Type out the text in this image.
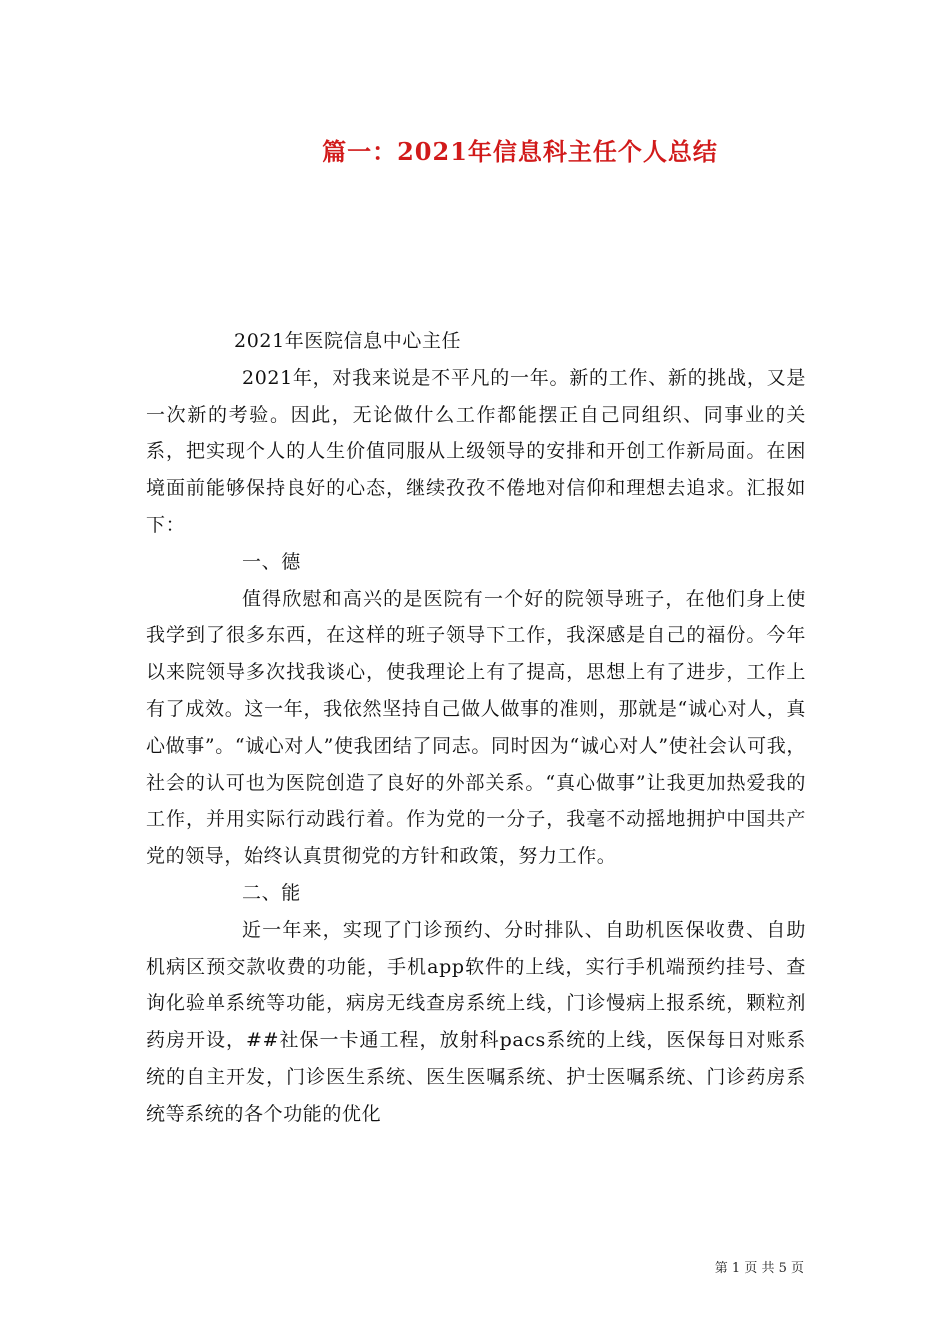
篇一：2021年信息科主任个人总结

2021年医院信息中心主任

2021年，对我来说是不平凡的一年。新的工作、新的挑战，又是一次新的考验。因此，无论做什么工作都能摆正自己同组织、同事业的关系，把实现个人的人生价值同服从上级领导的安排和开创工作新局面。在困境面前能够保持良好的心态，继续孜孜不倦地对信仰和理想去追求。汇报如下：

一、德

值得欣慰和高兴的是医院有一个好的院领导班子，在他们身上使我学到了很多东西，在这样的班子领导下工作，我深感是自己的福份。今年以来院领导多次找我谈心，使我理论上有了提高，思想上有了进步，工作上有了成效。这一年，我依然坚持自己做人做事的准则，那就是“诚心对人，真心做事”。“诚心对人”使我团结了同志。同时因为“诚心对人”使社会认可我，社会的认可也为医院创造了良好的外部关系。“真心做事”让我更加热爱我的工作，并用实际行动践行着。作为党的一分子，我毫不动摇地拥护中国共产党的领导，始终认真贯彻党的方针和政策，努力工作。

二、能

近一年来，实现了门诊预约、分时排队、自助机医保收费、自助机病区预交款收费的功能，手机app软件的上线，实行手机端预约挂号、查询化验单系统等功能，病房无线查房系统上线，门诊慢病上报系统，颗粒剂药房开设，##社保一卡通工程，放射科pacs系统的上线，医保每日对账系统的自主开发，门诊医生系统、医生医嘱系统、护士医嘱系统、门诊药房系统等系统的各个功能的优化

第 1 页 共 5 页
